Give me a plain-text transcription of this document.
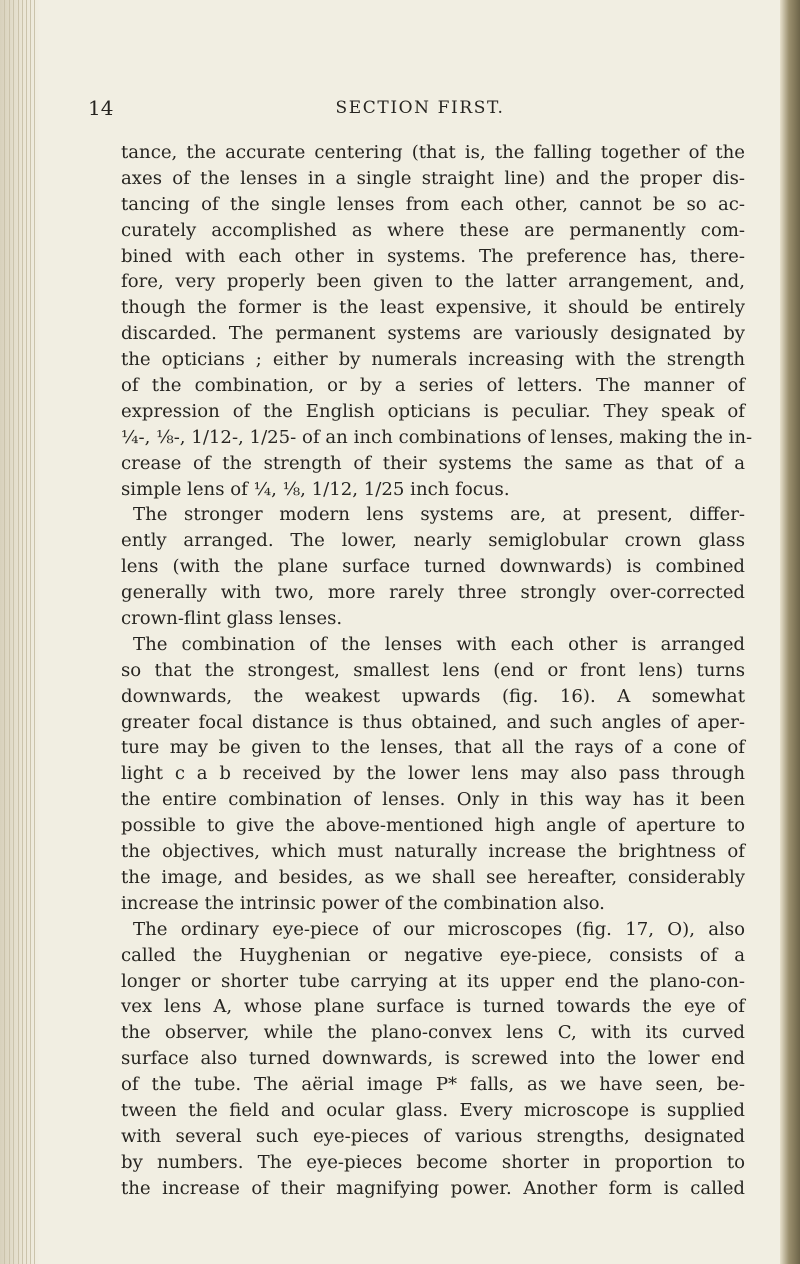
14	SECTION FIRST.
tance, the accurate centering (that is, the falling together of the
axes of the lenses in a single straight line) and the proper dis-
tancing of the single lenses from each other, cannot be so ac-
curately accomplished as where these are permanently com-
bined with each other in systems. The preference has, there-
fore, very properly been given to the latter arrangement, and,
though the former is the least expensive, it should be entirely
discarded. The permanent systems are variously designated by
the opticians ; either by numerals increasing with the strength
of the combination, or by a series of letters. The manner of
expression of the English opticians is peculiar. They speak of
¼-, ⅛-, 1/12-, 1/25- of an inch combinations of lenses, making the in-
crease of the strength of their systems the same as that of a
simple lens of ¼, ⅛, 1/12, 1/25 inch focus.
The stronger modern lens systems are, at present, differ-
ently arranged. The lower, nearly semiglobular crown glass
lens (with the plane surface turned downwards) is combined
generally with two, more rarely three strongly over-corrected
crown-flint glass lenses.
The combination of the lenses with each other is arranged
so that the strongest, smallest lens (end or front lens) turns
downwards, the weakest upwards (fig. 16). A somewhat
greater focal distance is thus obtained, and such angles of aper-
ture may be given to the lenses, that all the rays of a cone of
light c a b received by the lower lens may also pass through
the entire combination of lenses. Only in this way has it been
possible to give the above-mentioned high angle of aperture to
the objectives, which must naturally increase the brightness of
the image, and besides, as we shall see hereafter, considerably
increase the intrinsic power of the combination also.
The ordinary eye-piece of our microscopes (fig. 17, O), also
called the Huyghenian or negative eye-piece, consists of a
longer or shorter tube carrying at its upper end the plano-con-
vex lens A, whose plane surface is turned towards the eye of
the observer, while the plano-convex lens C, with its curved
surface also turned downwards, is screwed into the lower end
of the tube. The aërial image P* falls, as we have seen, be-
tween the field and ocular glass. Every microscope is supplied
with several such eye-pieces of various strengths, designated
by numbers. The eye-pieces become shorter in proportion to
the increase of their magnifying power. Another form is called
